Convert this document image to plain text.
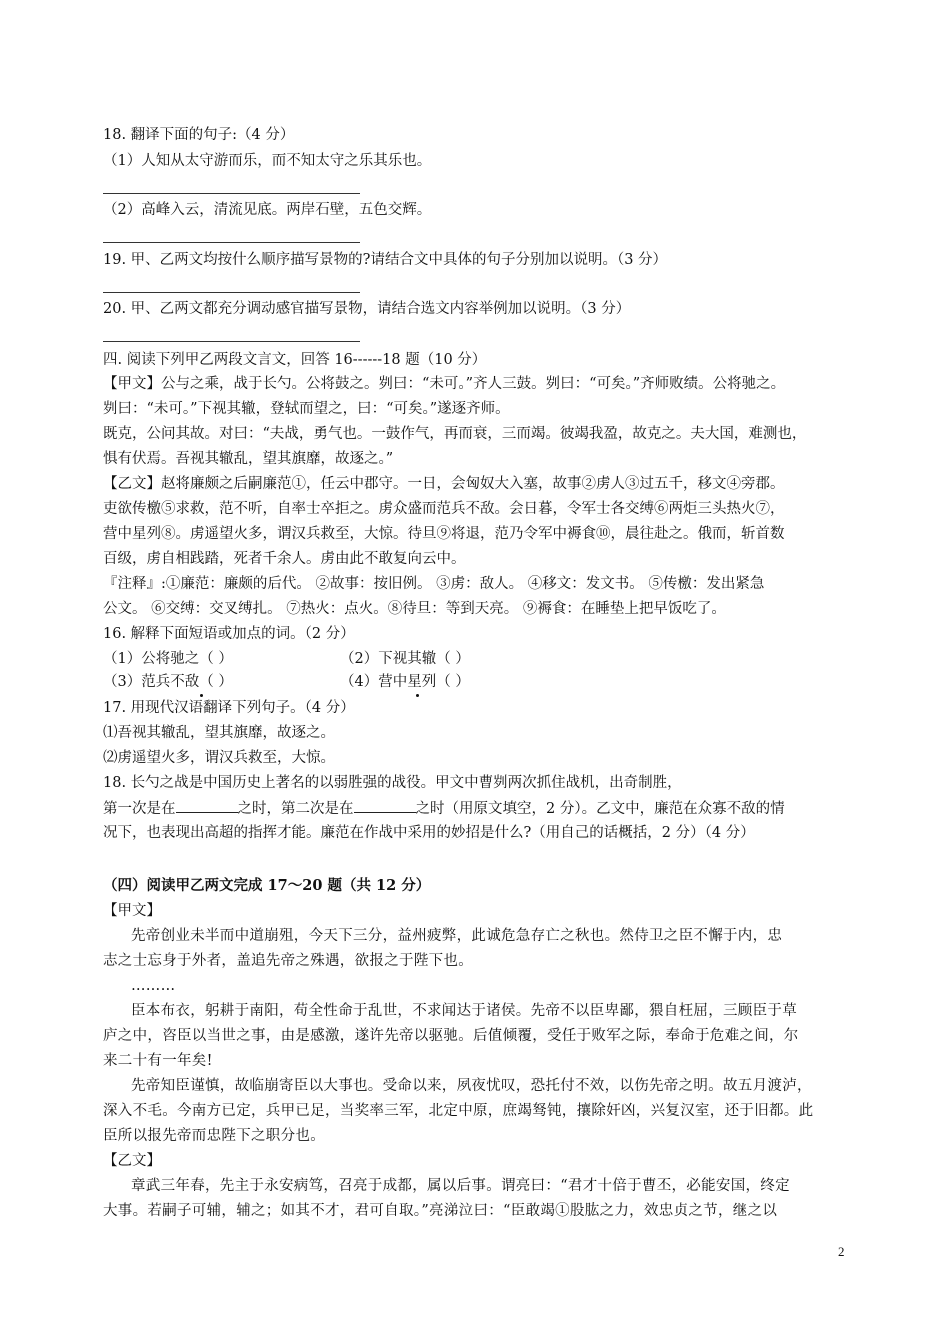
18. 翻译下面的句子:（4 分）
（1）人知从太守游而乐，而不知太守之乐其乐也。
（2）高峰入云，清流见底。两岸石壁，五色交辉。
19. 甲、乙两文均按什么顺序描写景物的?请结合文中具体的句子分别加以说明。（3 分）
20. 甲、乙两文都充分调动感官描写景物，请结合选文内容举例加以说明。（3 分）
四. 阅读下列甲乙两段文言文，回答 16------18 题（10 分）
【甲文】公与之乘，战于长勺。公将鼓之。刿曰：“未可。”齐人三鼓。刿曰：“可矣。”齐师败绩。公将驰之。
刿曰：“未可。”下视其辙，登轼而望之，曰：“可矣。”遂逐齐师。
既克，公问其故。对曰：“夫战，勇气也。一鼓作气，再而衰，三而竭。彼竭我盈，故克之。夫大国，难测也，
惧有伏焉。吾视其辙乱，望其旗靡，故逐之。”
【乙文】赵将廉颇之后嗣廉范①，任云中郡守。一日，会匈奴大入塞，故事②虏人③过五千，移文④旁郡。
吏欲传檄⑤求救，范不听，自率士卒拒之。虏众盛而范兵不敌。会日暮，令军士各交缚⑥两炬三头热火⑦，
营中星列⑧。虏遥望火多，谓汉兵救至，大惊。待旦⑨将退，范乃令军中褥食⑩，晨往赴之。俄而，斩首数
百级，虏自相践踏，死者千余人。虏由此不敢复向云中。
『注释』:①廉范：廉颇的后代。 ②故事：按旧例。 ③虏：敌人。 ④移文：发文书。 ⑤传檄：发出紧急
公文。 ⑥交缚：交叉缚扎。 ⑦热火：点火。⑧待旦：等到天亮。 ⑨褥食：在睡垫上把早饭吃了。
16. 解释下面短语或加点的词。（2 分）
（1）公将驰之（ ）	（2）下视其辙（ ）
（3）范兵不敌（ ）	（4）营中星列（ ）
17. 用现代汉语翻译下列句子。（4 分）
⑴吾视其辙乱，望其旗靡，故逐之。
⑵虏遥望火多，谓汉兵救至，大惊。
18. 长勺之战是中国历史上著名的以弱胜强的战役。甲文中曹刿两次抓住战机，出奇制胜，
第一次是在	之时，第二次是在	之时（用原文填空，2 分）。乙文中，廉范在众寡不敌的情
况下，也表现出高超的指挥才能。廉范在作战中采用的妙招是什么?（用自己的话概括，2 分）（4 分）
（四）阅读甲乙两文完成 17～20 题（共 12 分）
【甲文】
先帝创业未半而中道崩殂，今天下三分，益州疲弊，此诚危急存亡之秋也。然侍卫之臣不懈于内，忠
志之士忘身于外者，盖追先帝之殊遇，欲报之于陛下也。
………
臣本布衣，躬耕于南阳，苟全性命于乱世，不求闻达于诸侯。先帝不以臣卑鄙，猥自枉屈，三顾臣于草
庐之中，咨臣以当世之事，由是感激，遂许先帝以驱驰。后值倾覆，受任于败军之际，奉命于危难之间，尔
来二十有一年矣!
先帝知臣谨慎，故临崩寄臣以大事也。受命以来，夙夜忧叹，恐托付不效，以伤先帝之明。故五月渡泸，
深入不毛。今南方已定，兵甲已足，当奖率三军，北定中原，庶竭驽钝，攘除奸凶，兴复汉室，还于旧都。此
臣所以报先帝而忠陛下之职分也。
【乙文】
章武三年春，先主于永安病笃，召亮于成都，属以后事。谓亮曰：“君才十倍于曹丕，必能安国，终定
大事。若嗣子可辅，辅之；如其不才，君可自取。”亮涕泣曰：“臣敢竭①股肱之力，效忠贞之节，继之以
2
